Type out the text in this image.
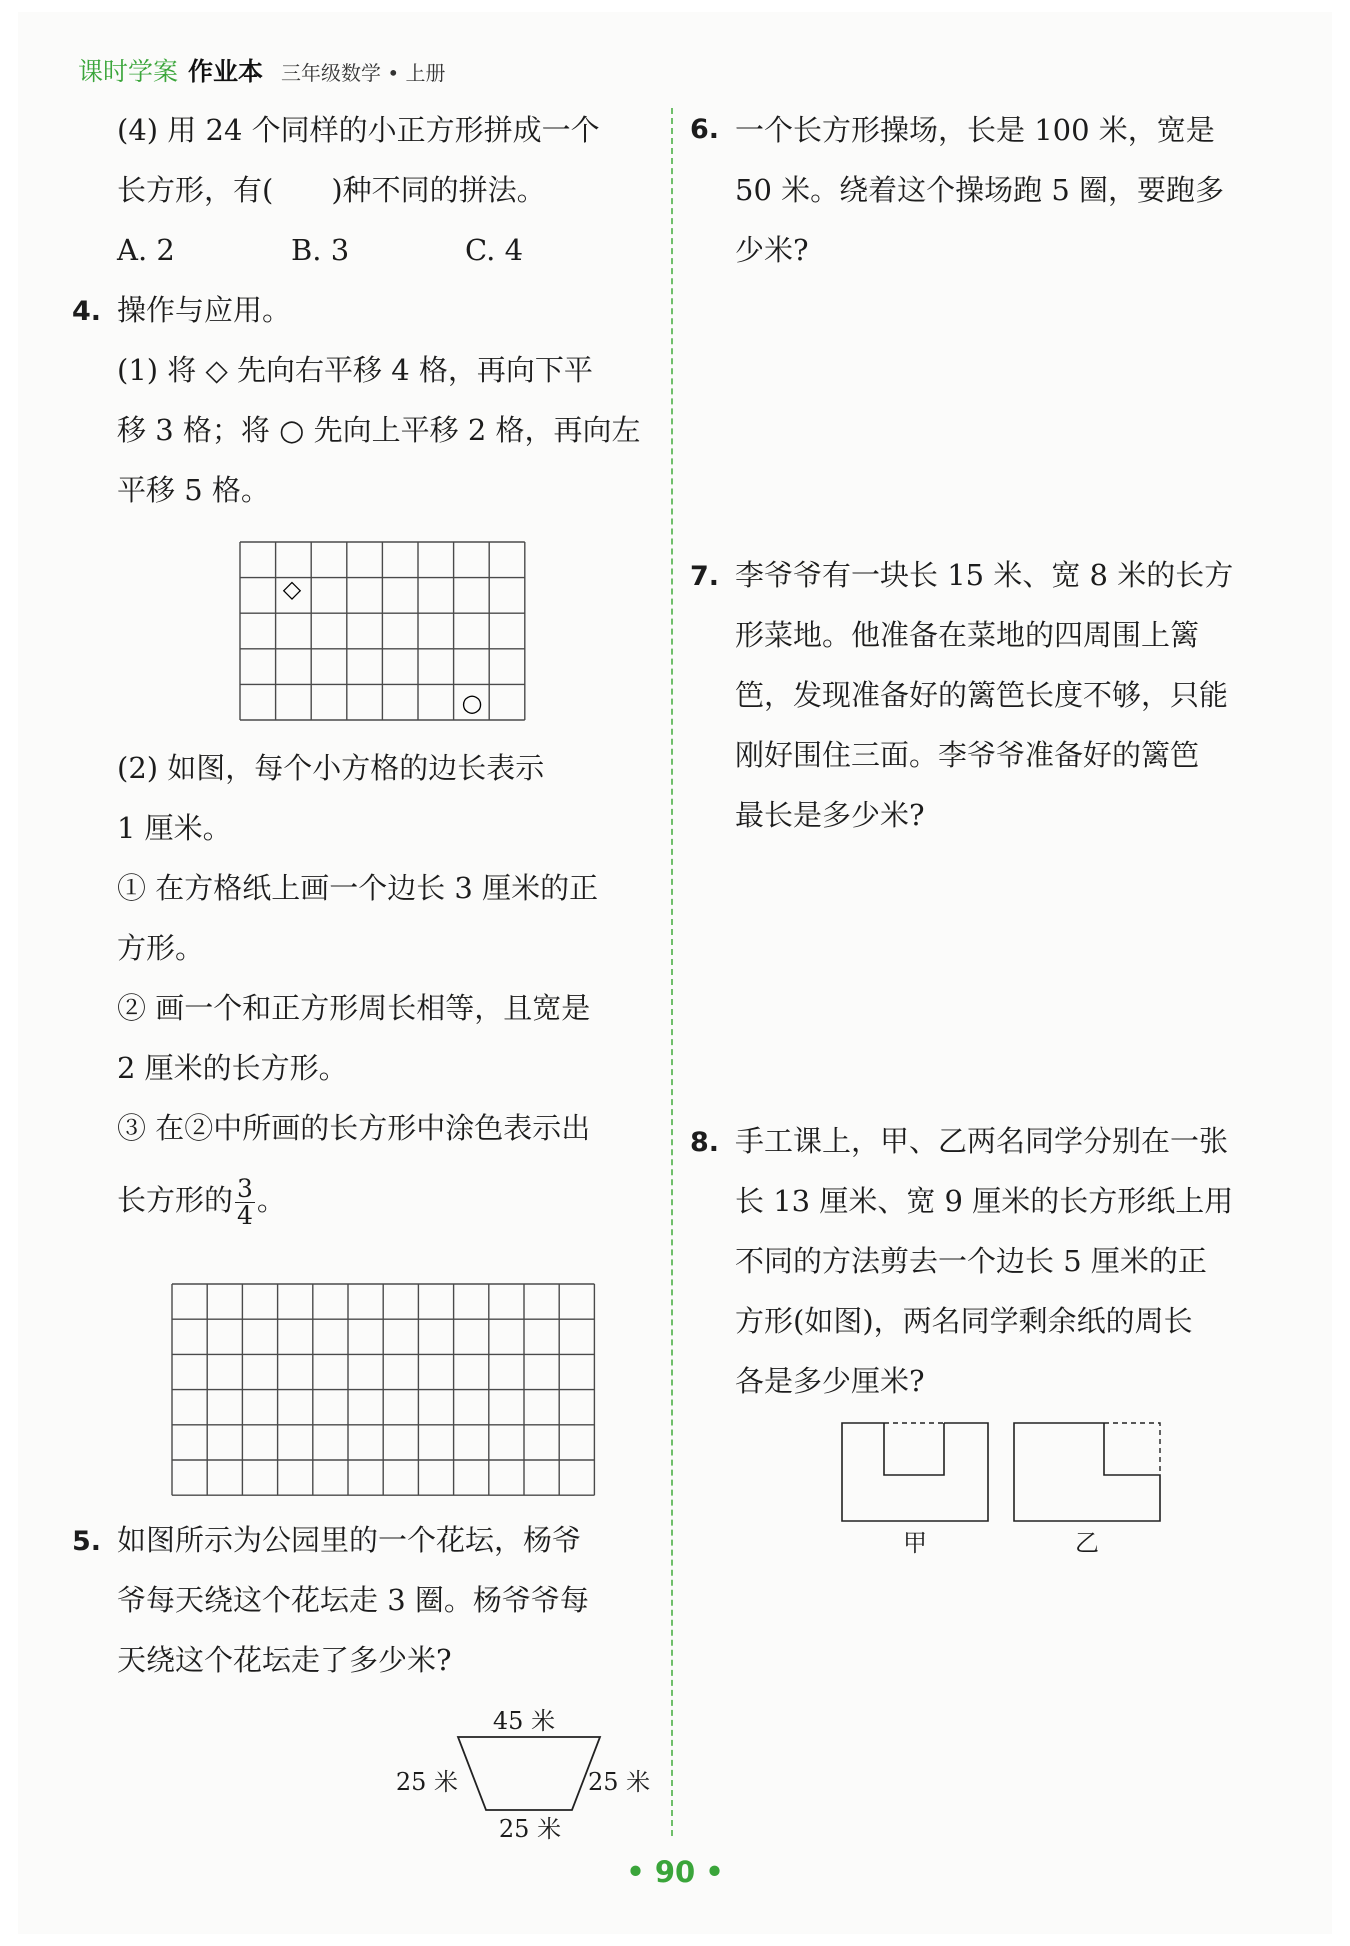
课时学案 作业本 三年级数学 • 上册
(4) 用 24 个同样的小正方形拼成一个
长方形，有(　　)种不同的拼法。
A. 2	B. 3	C. 4
4. 操作与应用。
(1) 将 ◇ 先向右平移 4 格，再向下平
移 3 格；将 ○ 先向上平移 2 格，再向左
平移 5 格。
◇
○
(2) 如图，每个小方格的边长表示
1 厘米。
① 在方格纸上画一个边长 3 厘米的正
方形。
② 画一个和正方形周长相等，且宽是
2 厘米的长方形。
③ 在②中所画的长方形中涂色表示出
长方形的 $\frac{3}{4}$ 。
5. 如图所示为公园里的一个花坛，杨爷
爷每天绕这个花坛走 3 圈。杨爷爷每
天绕这个花坛走了多少米?
45 米
25 米	25 米
25 米
6. 一个长方形操场，长是 100 米，宽是
50 米。绕着这个操场跑 5 圈，要跑多
少米?
7. 李爷爷有一块长 15 米、宽 8 米的长方
形菜地。他准备在菜地的四周围上篱
笆，发现准备好的篱笆长度不够，只能
刚好围住三面。李爷爷准备好的篱笆
最长是多少米?
8. 手工课上，甲、乙两名同学分别在一张
长 13 厘米、宽 9 厘米的长方形纸上用
不同的方法剪去一个边长 5 厘米的正
方形(如图)，两名同学剩余纸的周长
各是多少厘米?
甲	乙
• 90 •
